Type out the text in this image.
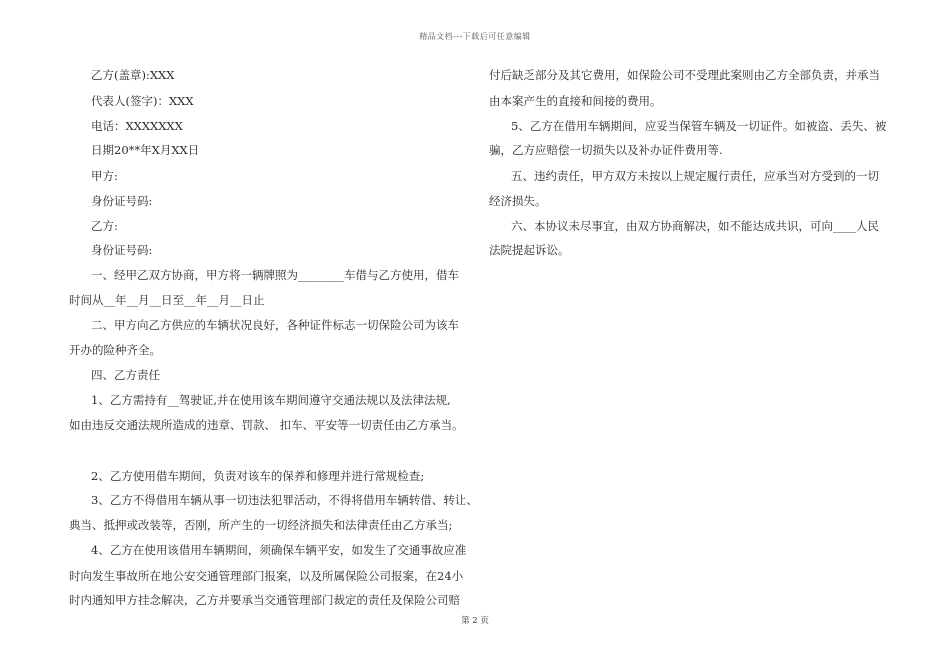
精品文档---下载后可任意编辑
乙方(盖章):XXX
代表人(签字)：XXX
电话：XXXXXXX
日期20**年X月XX日
甲方:
身份证号码:
乙方:
身份证号码:
一、经甲乙双方协商，甲方将一辆牌照为________车借与乙方使用，借车
时间从__年__月__日至__年__月__日止
二、甲方向乙方供应的车辆状况良好，各种证件标志一切保险公司为该车
开办的险种齐全。
四、乙方责任
1、乙方需持有__驾驶证,并在使用该车期间遵守交通法规以及法律法规,
如由违反交通法规所造成的违章、罚款、 扣车、平安等一切责任由乙方承当。
2、乙方使用借车期间，负责对该车的保养和修理并进行常规检查;
3、乙方不得借用车辆从事一切违法犯罪活动，不得将借用车辆转借、转让、
典当、抵押或改装等，否刚，所产生的一切经济损失和法律责任由乙方承当;
4、乙方在使用该借用车辆期间，须确保车辆平安，如发生了交通事故应准
时向发生事故所在地公安交通管理部门报案，以及所属保险公司报案，在24小
时内通知甲方挂念解决，乙方并要承当交通管理部门裁定的责任及保险公司赔
付后缺乏部分及其它费用，如保险公司不受理此案则由乙方全部负责，并承当
由本案产生的直接和间接的费用。
5、乙方在借用车辆期间，应妥当保管车辆及一切证件。如被盗、丢失、被
骗，乙方应赔偿一切损失以及补办证件费用等.
五、违约责任，甲方双方未按以上规定履行责任，应承当对方受到的一切
经济损失。
六、本协议未尽事宜，由双方协商解决，如不能达成共识，可向____人民
法院提起诉讼。
第 2 页
